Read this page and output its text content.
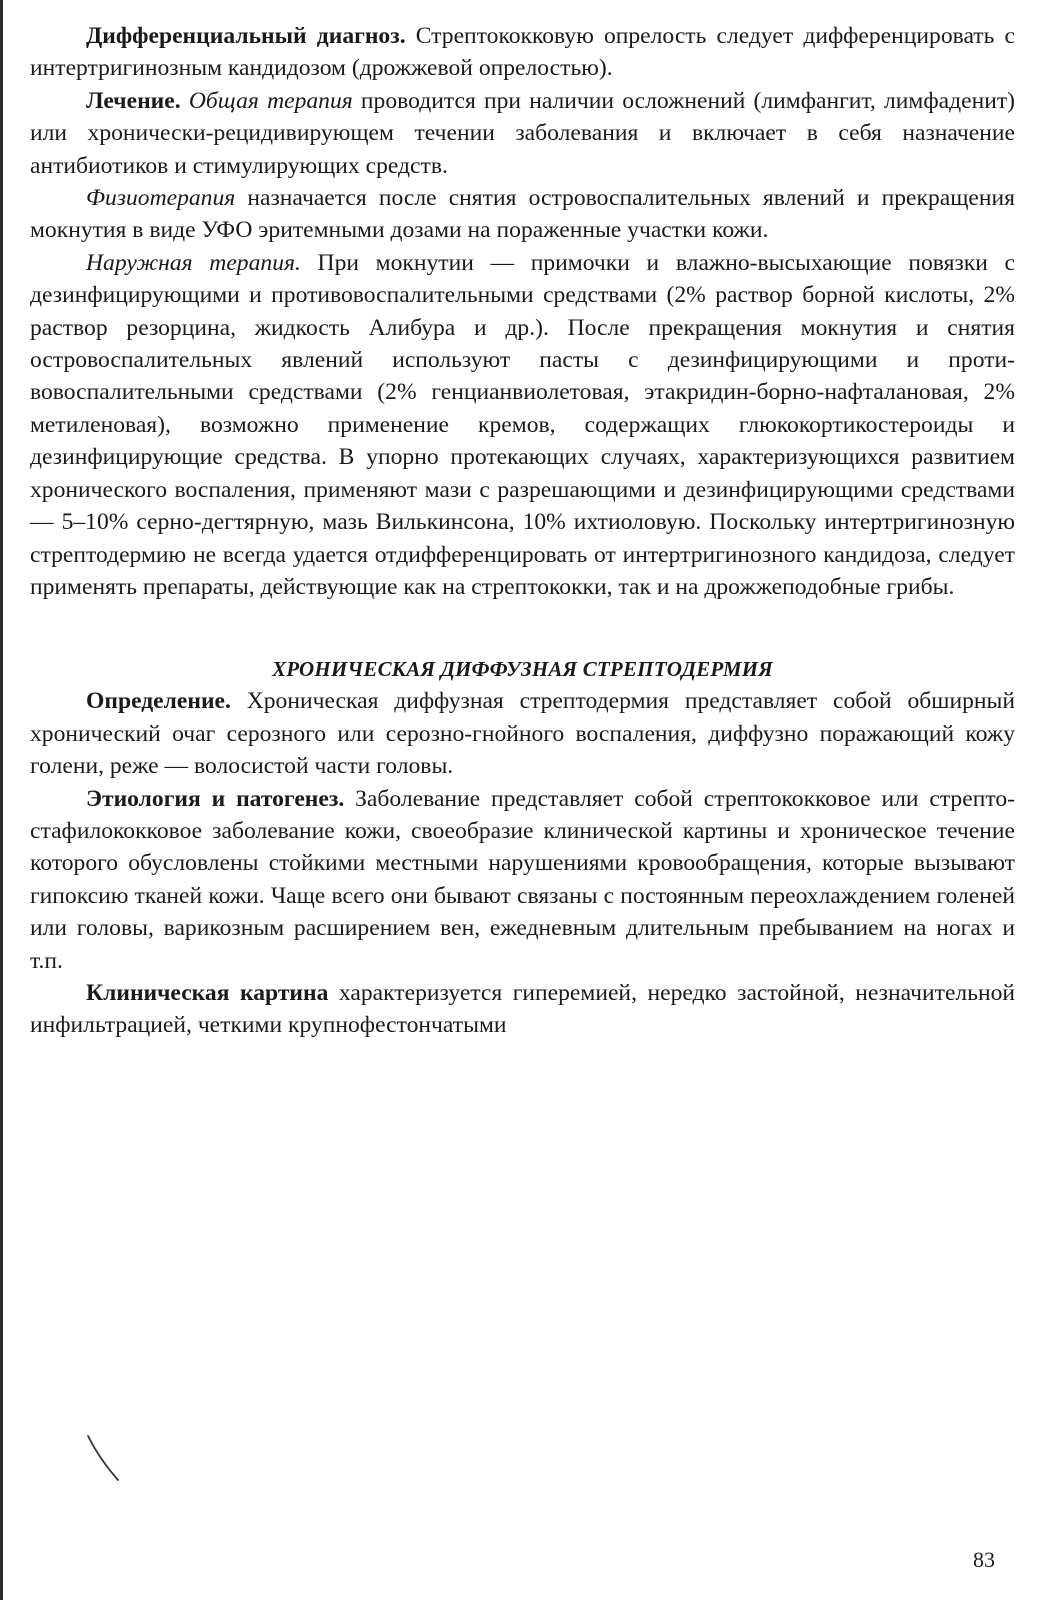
Дифференциальный диагноз. Стрептококковую опрелость следует дифференцировать с интертригинозным кандидозом (дрожжевой опрелостью).

Лечение. Общая терапия проводится при наличии осложнений (лимфангит, лимфаденит) или хронически-рецидивирующем течении заболевания и включает в себя назначение антибиотиков и стимулирующих средств.

Физиотерапия назначается после снятия островоспалительных явлений и прекращения мокнутия в виде УФО эритемными дозами на пораженные участки кожи.

Наружная терапия. При мокнутии — примочки и влажно-высыхающие повязки с дезинфицирующими и противовоспалительными средствами (2% раствор борной кислоты, 2% раствор резорцина, жидкость Алибура и др.). После прекращения мокнутия и снятия островоспалительных явлений используют пасты с дезинфицирующими и противовоспалительными средствами (2% генцианвиолетовая, этакридин-борно-нафталановая, 2% метиленовая), возможно применение кремов, содержащих глюкокортикостероиды и дезинфицирующие средства. В упорно протекающих случаях, характеризующихся развитием хронического воспаления, применяют мази с разрешающими и дезинфицирующими средствами — 5–10% серно-дегтярную, мазь Вилькинсона, 10% ихтиоловую. Поскольку интертригинозную стрептодермию не всегда удается отдифференцировать от интертригинозного кандидоза, следует применять препараты, действующие как на стрептококки, так и на дрожжеподобные грибы.

ХРОНИЧЕСКАЯ ДИФФУЗНАЯ СТРЕПТОДЕРМИЯ

Определение. Хроническая диффузная стрептодермия представляет собой обширный хронический очаг серозного или серозно-гнойного воспаления, диффузно поражающий кожу голени, реже — волосистой части головы.

Этиология и патогенез. Заболевание представляет собой стрептококковое или стрепто-стафилококковое заболевание кожи, своеобразие клинической картины и хроническое течение которого обусловлены стойкими местными нарушениями кровообращения, которые вызывают гипоксию тканей кожи. Чаще всего они бывают связаны с постоянным переохлаждением голеней или головы, варикозным расширением вен, ежедневным длительным пребыванием на ногах и т.п.

Клиническая картина характеризуется гиперемией, нередко застойной, незначительной инфильтрацией, четкими крупнофестончатыми

83
